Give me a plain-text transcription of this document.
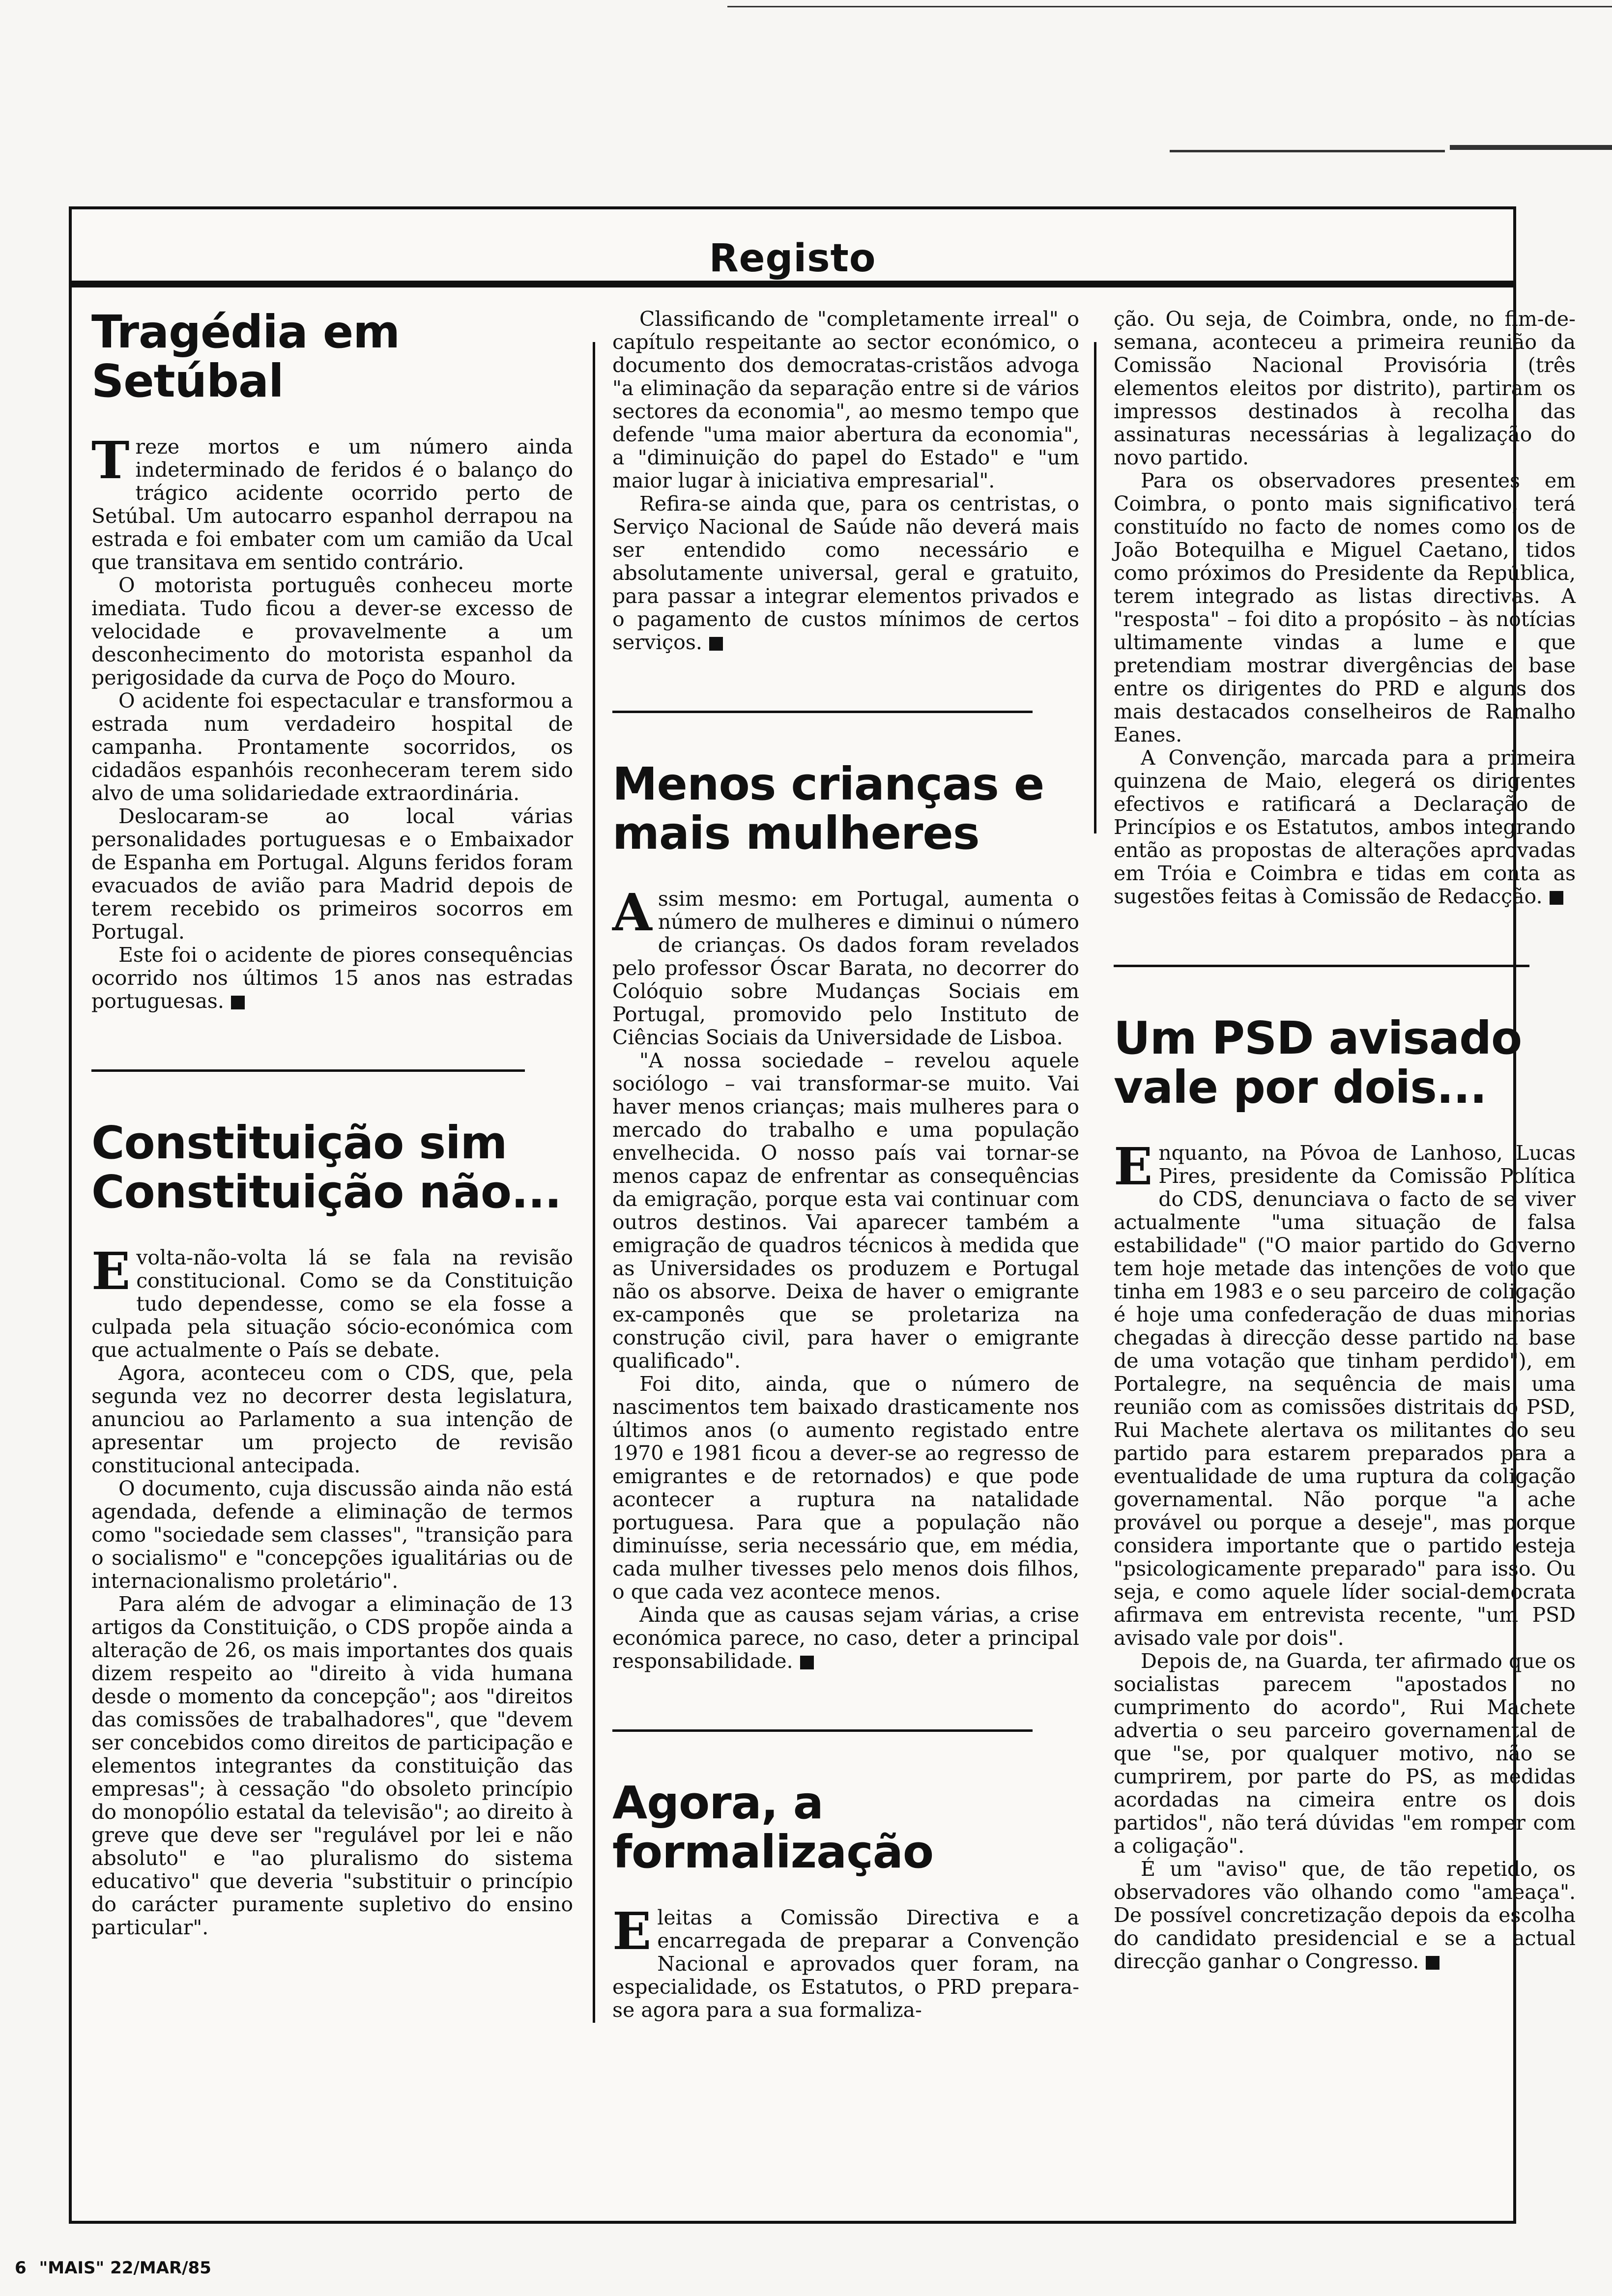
Registo
Tragédia em Setúbal

Treze mortos e um número ainda indeterminado de feridos é o balanço do trágico acidente ocorrido perto de Setúbal. Um autocarro espanhol derrapou na estrada e foi embater com um camião da Ucal que transitava em sentido contrário.

O motorista português conheceu morte imediata. Tudo ficou a dever-se excesso de velocidade e provavelmente a um desconhecimento do motorista espanhol da perigosidade da curva de Poço do Mouro.

O acidente foi espectacular e transformou a estrada num verdadeiro hospital de campanha. Prontamente socorridos, os cidadãos espanhóis reconheceram terem sido alvo de uma solidariedade extraordinária.

Deslocaram-se ao local várias personalidades portuguesas e o Embaixador de Espanha em Portugal. Alguns feridos foram evacuados de avião para Madrid depois de terem recebido os primeiros socorros em Portugal.

Este foi o acidente de piores consequências ocorrido nos últimos 15 anos nas estradas portuguesas.

Constituição sim Constituição não...

Evolta-não-volta lá se fala na revisão constitucional. Como se da Constituição tudo dependesse, como se ela fosse a culpada pela situação sócio-económica com que actualmente o País se debate.

Agora, aconteceu com o CDS, que, pela segunda vez no decorrer desta legislatura, anunciou ao Parlamento a sua intenção de apresentar um projecto de revisão constitucional antecipada.

O documento, cuja discussão ainda não está agendada, defende a eliminação de termos como "sociedade sem classes", "transição para o socialismo" e "concepções igualitárias ou de internacionalismo proletário".

Para além de advogar a eliminação de 13 artigos da Constituição, o CDS propõe ainda a alteração de 26, os mais importantes dos quais dizem respeito ao "direito à vida humana desde o momento da concepção"; aos "direitos das comissões de trabalhadores", que "devem ser concebidos como direitos de participação e elementos integrantes da constituição das empresas"; à cessação "do obsoleto princípio do monopólio estatal da televisão"; ao direito à greve que deve ser "regulável por lei e não absoluto" e "ao pluralismo do sistema educativo" que deveria "substituir o princípio do carácter puramente supletivo do ensino particular".

Classificando de "completamente irreal" o capítulo respeitante ao sector económico, o documento dos democratas-cristãos advoga "a eliminação da separação entre si de vários sectores da economia", ao mesmo tempo que defende "uma maior abertura da economia", a "diminuição do papel do Estado" e "um maior lugar à iniciativa empresarial".

Refira-se ainda que, para os centristas, o Serviço Nacional de Saúde não deverá mais ser entendido como necessário e absolutamente universal, geral e gratuito, para passar a integrar elementos privados e o pagamento de custos mínimos de certos serviços.

Menos crianças e mais mulheres

Assim mesmo: em Portugal, aumenta o número de mulheres e diminui o número de crianças. Os dados foram revelados pelo professor Óscar Barata, no decorrer do Colóquio sobre Mudanças Sociais em Portugal, promovido pelo Instituto de Ciências Sociais da Universidade de Lisboa.

"A nossa sociedade – revelou aquele sociólogo – vai transformar-se muito. Vai haver menos crianças; mais mulheres para o mercado do trabalho e uma população envelhecida. O nosso país vai tornar-se menos capaz de enfrentar as consequências da emigração, porque esta vai continuar com outros destinos. Vai aparecer também a emigração de quadros técnicos à medida que as Universidades os produzem e Portugal não os absorve. Deixa de haver o emigrante ex-camponês que se proletariza na construção civil, para haver o emigrante qualificado".

Foi dito, ainda, que o número de nascimentos tem baixado drasticamente nos últimos anos (o aumento registado entre 1970 e 1981 ficou a dever-se ao regresso de emigrantes e de retornados) e que pode acontecer a ruptura na natalidade portuguesa. Para que a população não diminuísse, seria necessário que, em média, cada mulher tivesses pelo menos dois filhos, o que cada vez acontece menos.

Ainda que as causas sejam várias, a crise económica parece, no caso, deter a principal responsabilidade.

Agora, a formalização

Eleitas a Comissão Directiva e a encarregada de preparar a Convenção Nacional e aprovados quer foram, na especialidade, os Estatutos, o PRD prepara-se agora para a sua formaliza-

ção. Ou seja, de Coimbra, onde, no fim-de-semana, aconteceu a primeira reunião da Comissão Nacional Provisória (três elementos eleitos por distrito), partiram os impressos destinados à recolha das assinaturas necessárias à legalização do novo partido.

Para os observadores presentes em Coimbra, o ponto mais significativo, terá constituído no facto de nomes como os de João Botequilha e Miguel Caetano, tidos como próximos do Presidente da República, terem integrado as listas directivas. A "resposta" – foi dito a propósito – às notícias ultimamente vindas a lume e que pretendiam mostrar divergências de base entre os dirigentes do PRD e alguns dos mais destacados conselheiros de Ramalho Eanes.

A Convenção, marcada para a primeira quinzena de Maio, elegerá os dirigentes efectivos e ratificará a Declaração de Princípios e os Estatutos, ambos integrando então as propostas de alterações aprovadas em Tróia e Coimbra e tidas em conta as sugestões feitas à Comissão de Redacção.

Um PSD avisado vale por dois...

Enquanto, na Póvoa de Lanhoso, Lucas Pires, presidente da Comissão Política do CDS, denunciava o facto de se viver actualmente "uma situação de falsa estabilidade" ("O maior partido do Governo tem hoje metade das intenções de voto que tinha em 1983 e o seu parceiro de coligação é hoje uma confederação de duas minorias chegadas à direcção desse partido na base de uma votação que tinham perdido"), em Portalegre, na sequência de mais uma reunião com as comissões distritais do PSD, Rui Machete alertava os militantes do seu partido para estarem preparados para a eventualidade de uma ruptura da coligação governamental. Não porque "a ache provável ou porque a deseje", mas porque considera importante que o partido esteja "psicologicamente preparado" para isso. Ou seja, e como aquele líder social-democrata afirmava em entrevista recente, "um PSD avisado vale por dois".

Depois de, na Guarda, ter afirmado que os socialistas parecem "apostados no cumprimento do acordo", Rui Machete advertia o seu parceiro governamental de que "se, por qualquer motivo, não se cumprirem, por parte do PS, as medidas acordadas na cimeira entre os dois partidos", não terá dúvidas "em romper com a coligação".

É um "aviso" que, de tão repetido, os observadores vão olhando como "ameaça". De possível concretização depois da escolha do candidato presidencial e se a actual direcção ganhar o Congresso.

6 "MAIS" 22/MAR/85
